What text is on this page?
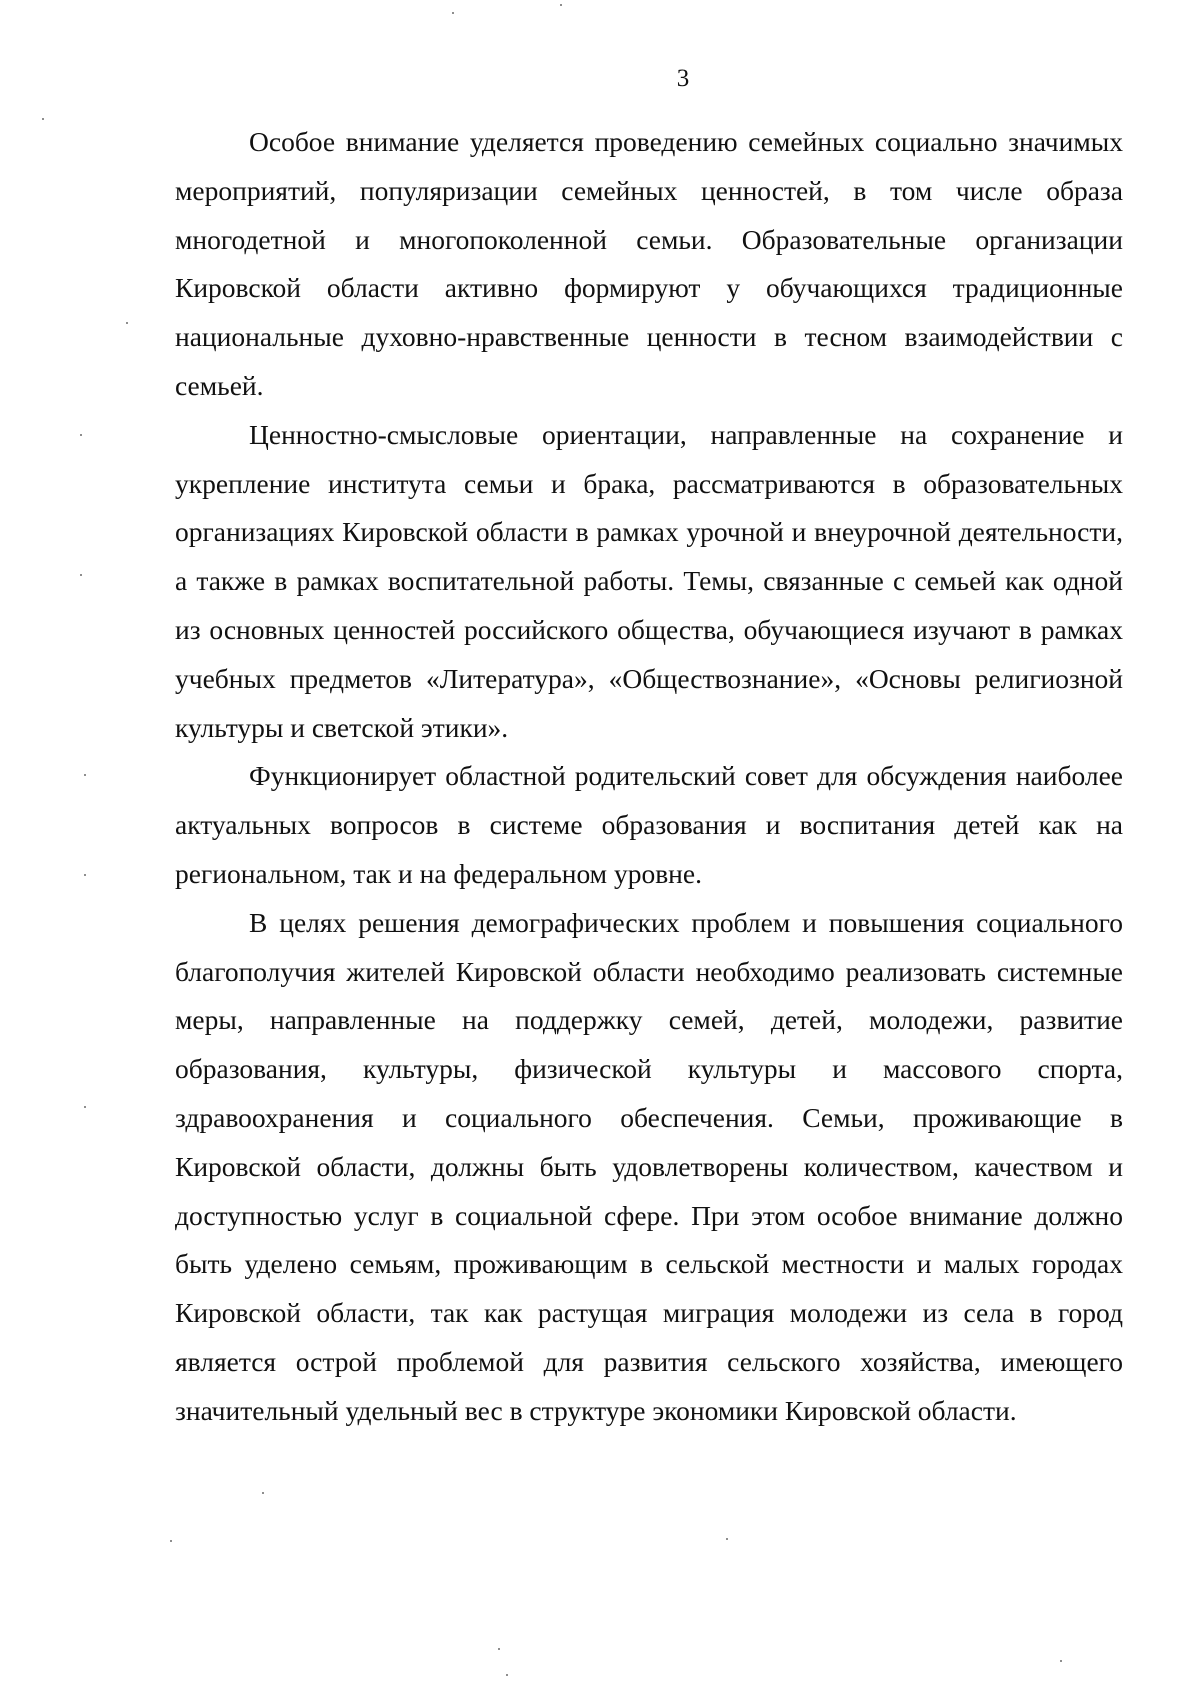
3

Особое внимание уделяется проведению семейных социально значимых мероприятий, популяризации семейных ценностей, в том числе образа многодетной и многопоколенной семьи. Образовательные организации Кировской области активно формируют у обучающихся традиционные национальные духовно-нравственные ценности в тесном взаимодействии с семьей.

Ценностно-смысловые ориентации, направленные на сохранение и укрепление института семьи и брака, рассматриваются в образовательных организациях Кировской области в рамках урочной и внеурочной деятельности, а также в рамках воспитательной работы. Темы, связанные с семьей как одной из основных ценностей российского общества, обучающиеся изучают в рамках учебных предметов «Литература», «Обществознание», «Основы религиозной культуры и светской этики».

Функционирует областной родительский совет для обсуждения наиболее актуальных вопросов в системе образования и воспитания детей как на региональном, так и на федеральном уровне.

В целях решения демографических проблем и повышения социального благополучия жителей Кировской области необходимо реализовать системные меры, направленные на поддержку семей, детей, молодежи, развитие образования, культуры, физической культуры и массового спорта, здравоохранения и социального обеспечения. Семьи, проживающие в Кировской области, должны быть удовлетворены количеством, качеством и доступностью услуг в социальной сфере. При этом особое внимание должно быть уделено семьям, проживающим в сельской местности и малых городах Кировской области, так как растущая миграция молодежи из села в город является острой проблемой для развития сельского хозяйства, имеющего значительный удельный вес в структуре экономики Кировской области.
